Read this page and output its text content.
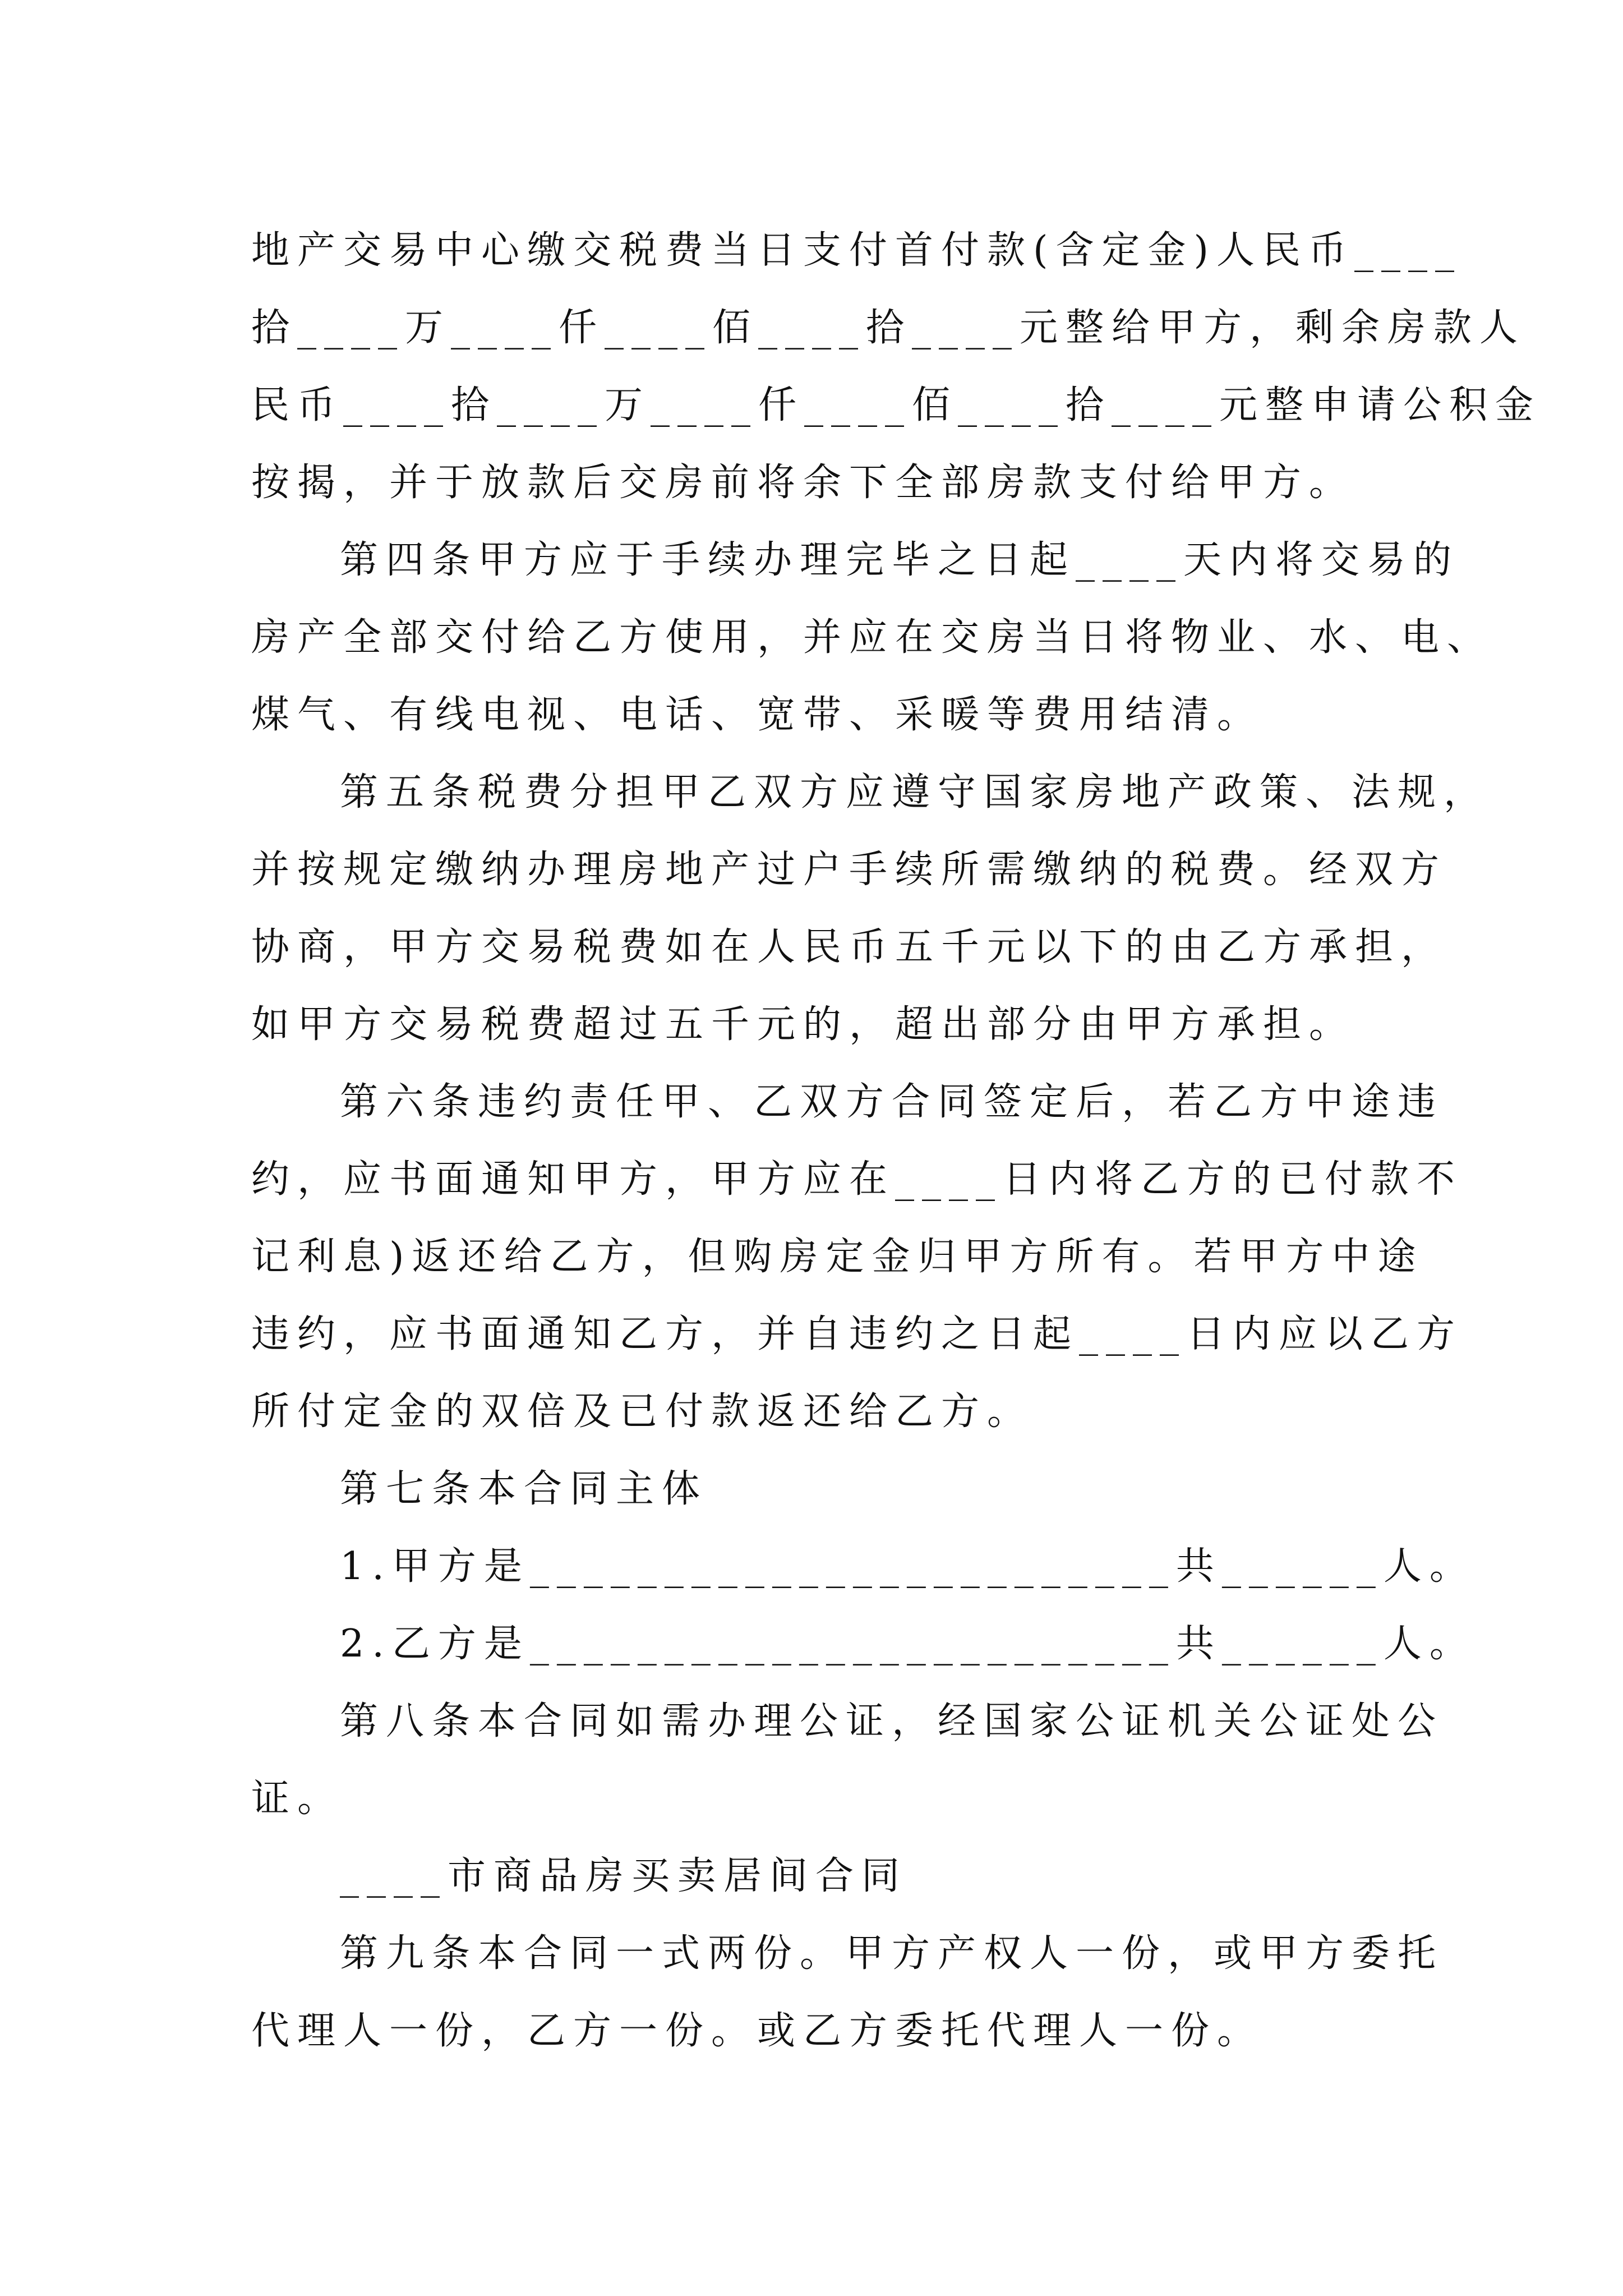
地产交易中心缴交税费当日支付首付款(含定金)人民币____
拾____万____仟____佰____拾____元整给甲方，剩余房款人
民币____拾____万____仟____佰____拾____元整申请公积金
按揭，并于放款后交房前将余下全部房款支付给甲方。
第四条甲方应于手续办理完毕之日起____天内将交易的
房产全部交付给乙方使用，并应在交房当日将物业、水、电、
煤气、有线电视、电话、宽带、采暖等费用结清。
第五条税费分担甲乙双方应遵守国家房地产政策、法规，
并按规定缴纳办理房地产过户手续所需缴纳的税费。经双方
协商，甲方交易税费如在人民币五千元以下的由乙方承担，
如甲方交易税费超过五千元的，超出部分由甲方承担。
第六条违约责任甲、乙双方合同签定后，若乙方中途违
约，应书面通知甲方，甲方应在____日内将乙方的已付款不
记利息)返还给乙方，但购房定金归甲方所有。若甲方中途
违约，应书面通知乙方，并自违约之日起____日内应以乙方
所付定金的双倍及已付款返还给乙方。
第七条本合同主体
1.甲方是________________________共______人。
2.乙方是________________________共______人。
第八条本合同如需办理公证，经国家公证机关公证处公
证。
____市商品房买卖居间合同
第九条本合同一式两份。甲方产权人一份，或甲方委托
代理人一份，乙方一份。或乙方委托代理人一份。
